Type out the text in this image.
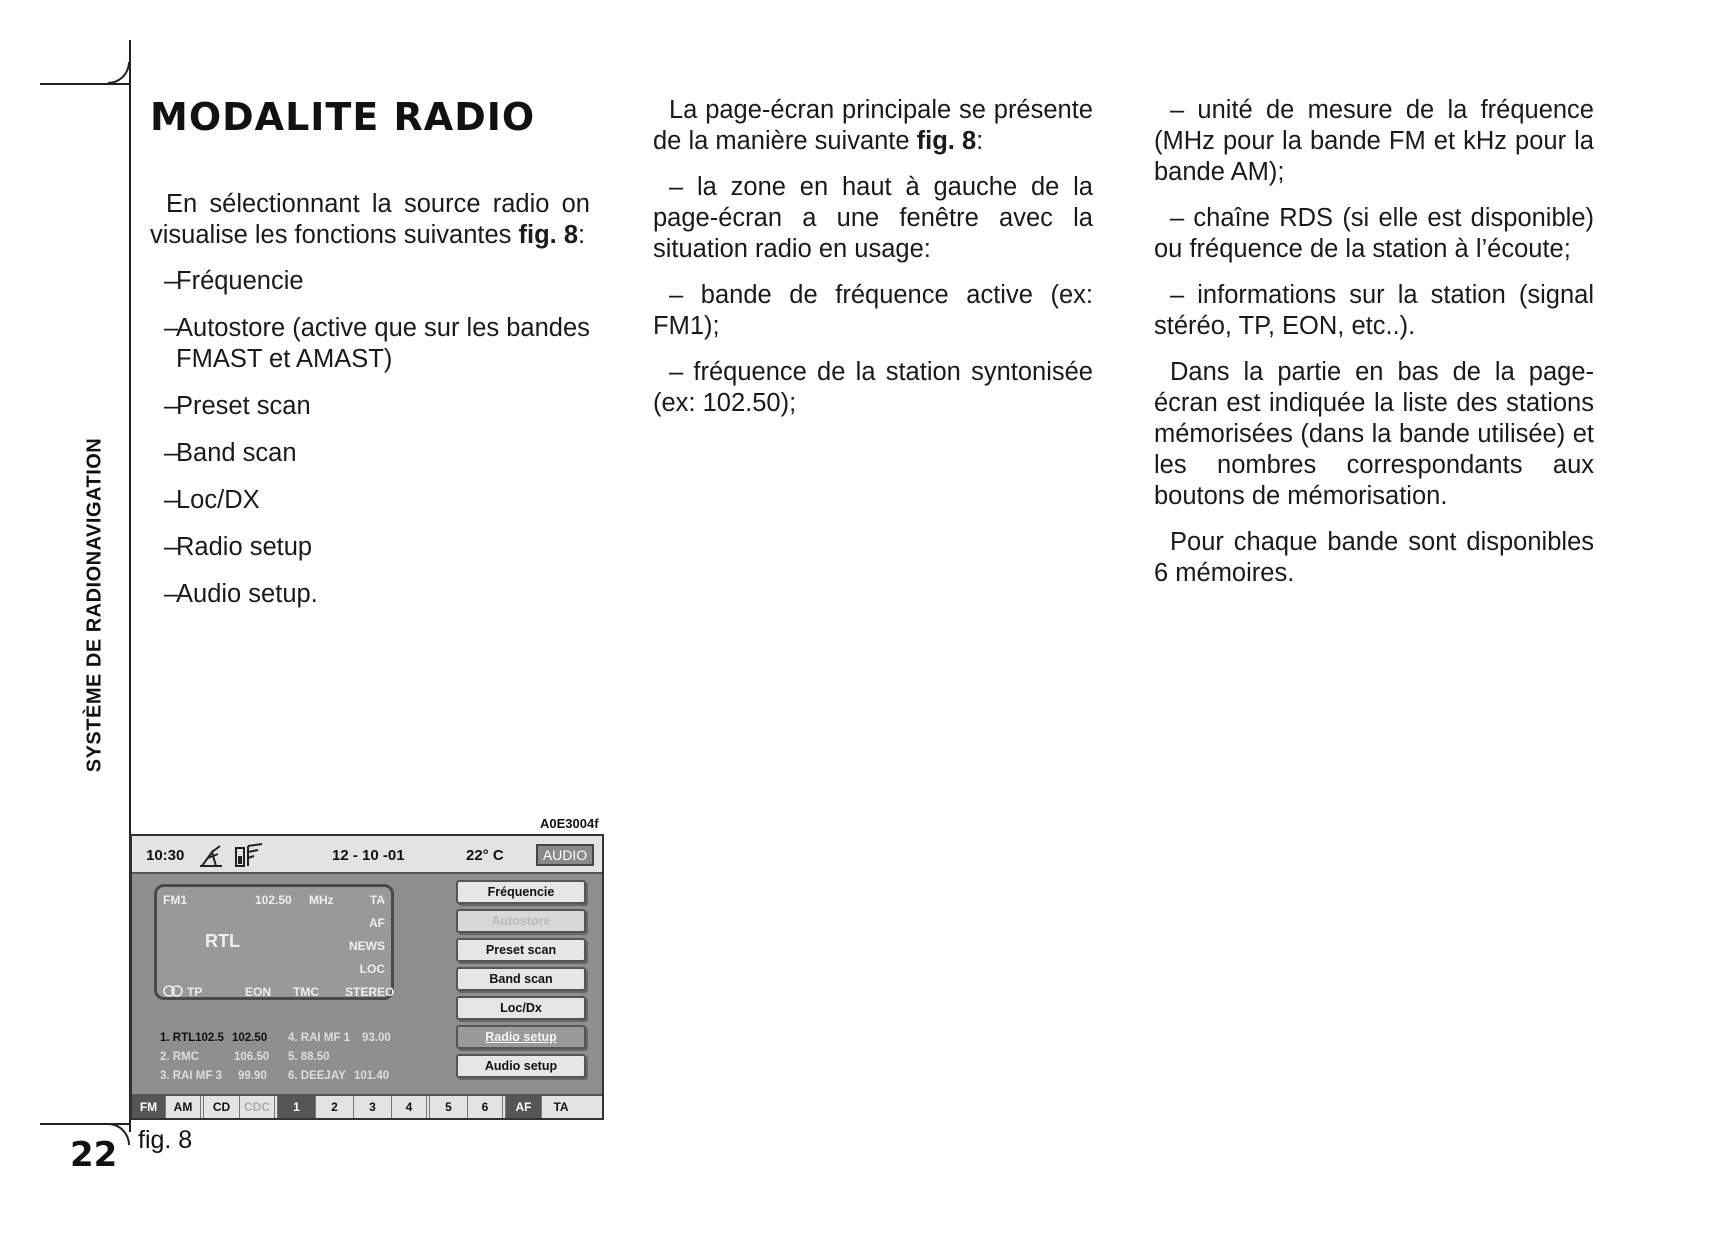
SYSTÈME DE RADIONAVIGATION
22
MODALITE RADIO

En sélectionnant la source radio on visualise les fonctions suivantes fig. 8:

–
Fréquencie
–
Autostore (active que sur les bandes FMAST et AMAST)
–
Preset scan
–
Band scan
–
Loc/DX
–
Radio setup
–
Audio setup.

La page-écran principale se présente de la manière suivante fig. 8:

– la zone en haut à gauche de la page-écran a une fenêtre avec la situation radio en usage:

– bande de fréquence active (ex: FM1);

– fréquence de la station syntonisée (ex: 102.50);

– unité de mesure de la fréquence (MHz pour la bande FM et kHz pour la bande AM);

– chaîne RDS (si elle est disponible) ou fréquence de la station à l’écoute;

– informations sur la station (signal stéréo, TP, EON, etc..).

Dans la partie en bas de la page-écran est indiquée la liste des stations mémorisées (dans la bande utilisée) et les nombres correspondants aux boutons de mémorisation.

Pour chaque bande sont disponibles 6 mémoires.

A0E3004f
10:30	12 - 10 -01	22° C	AUDIO
FM1	102.50 MHz	TA
AF
NEWS
LOC
RTL
TP	EON TMC STEREO
1. RTL102.5 102.50
2. RMC	106.50
3. RAI MF 3 99.90
4. RAI MF 1 93.00
5. 88.50
6. DEEJAY 101.40
Fréquencie
Autostore
Preset scan
Band scan
Loc/Dx
Radio setup
Audio setup
FM	AM	CD	CDC	1	2	3	4	5	6	AF	TA
fig. 8
